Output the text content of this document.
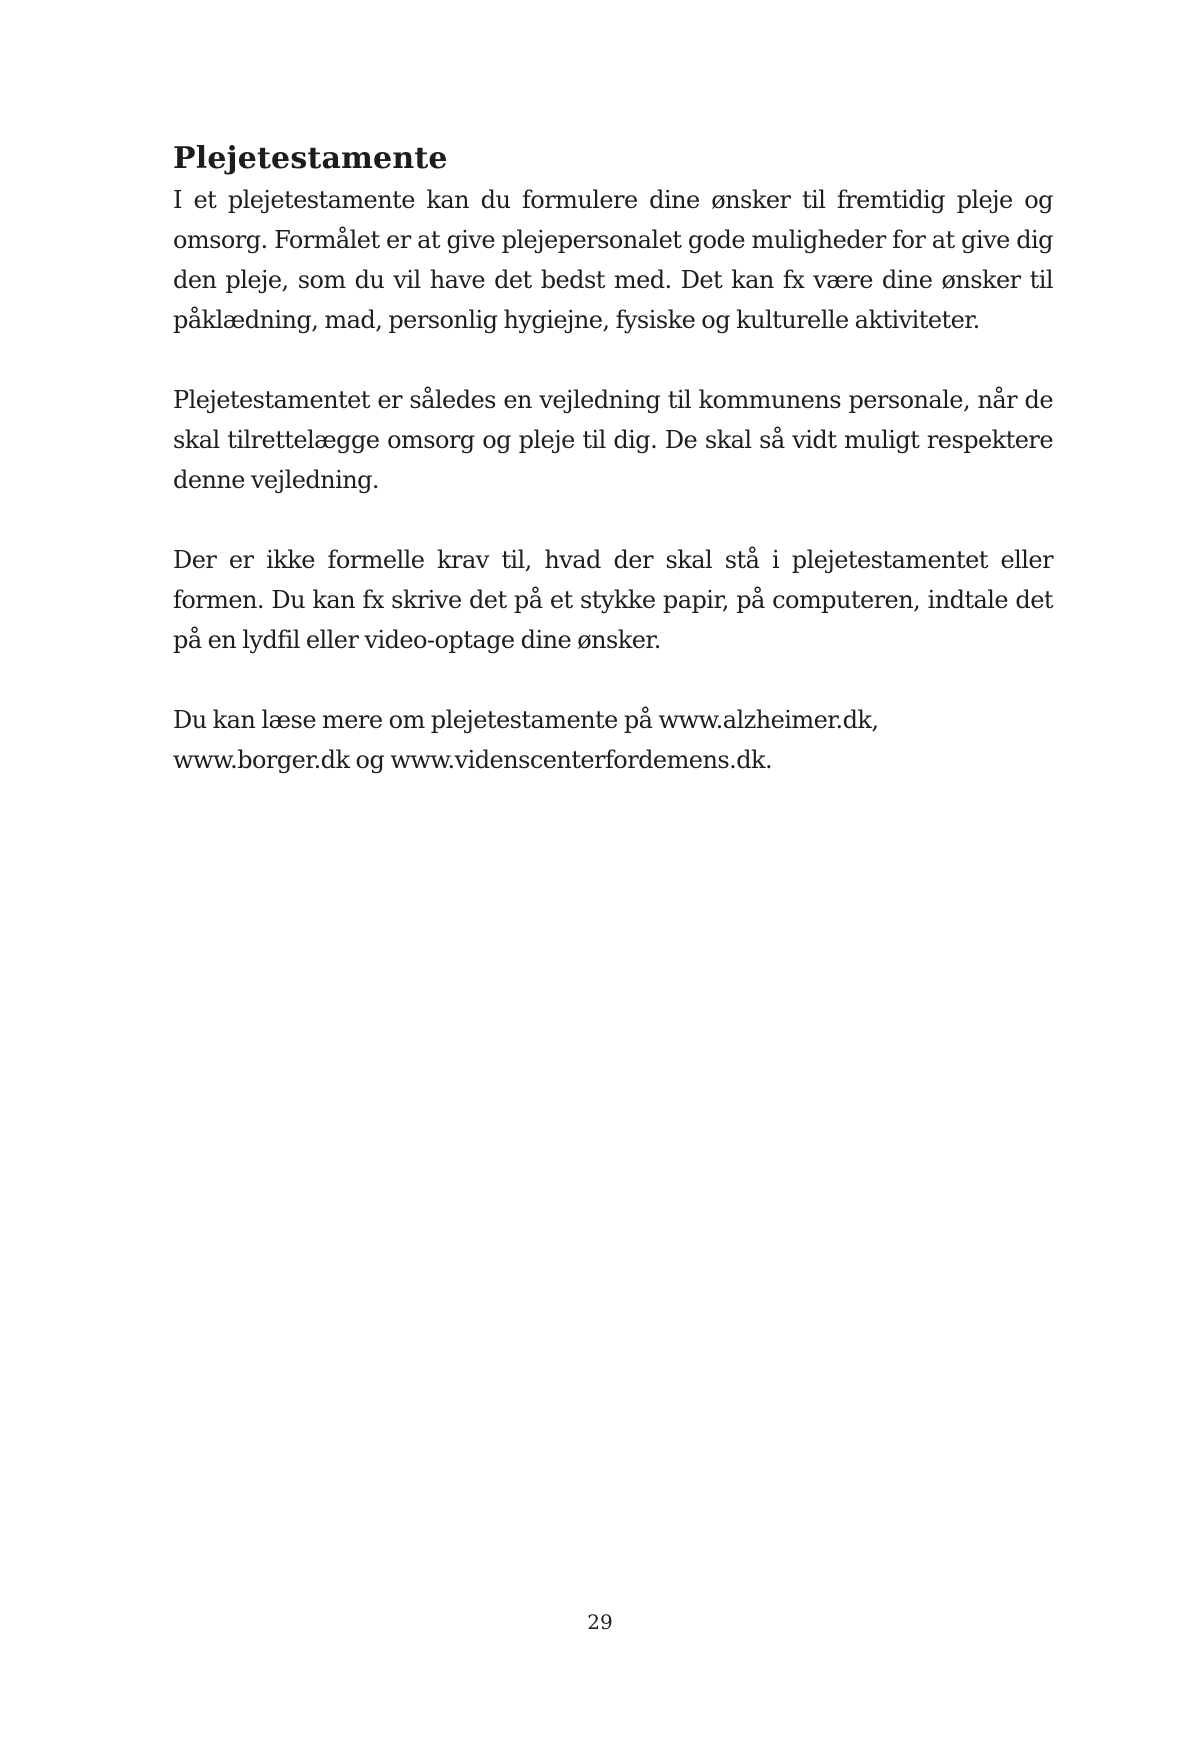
Plejetestamente

I et plejetestamente kan du formulere dine ønsker til fremtidig pleje og omsorg. Formålet er at give plejepersonalet gode muligheder for at give dig den pleje, som du vil have det bedst med. Det kan fx være dine ønsker til påklædning, mad, personlig hygiejne, fysiske og kulturelle aktiviteter.

Plejetestamentet er således en vejledning til kommunens personale, når de skal tilrettelægge omsorg og pleje til dig. De skal så vidt muligt respektere denne vejledning.

Der er ikke formelle krav til, hvad der skal stå i plejetestamentet eller formen. Du kan fx skrive det på et stykke papir, på computeren, indtale det på en lydfil eller video-optage dine ønsker.

Du kan læse mere om plejetestamente på www.alzheimer.dk, www.borger.dk og www.videnscenterfordemens.dk.

29
